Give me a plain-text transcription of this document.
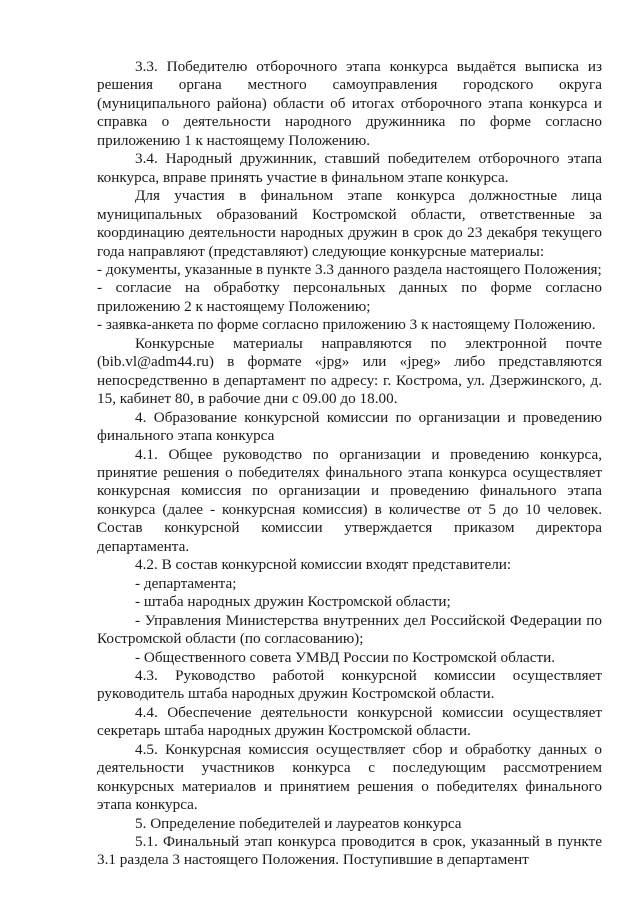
3.3. Победителю отборочного этапа конкурса выдаётся выписка из решения органа местного самоуправления городского округа (муниципального района) области об итогах отборочного этапа конкурса и справка о деятельности народного дружинника по форме согласно приложению 1 к настоящему Положению.

3.4. Народный дружинник, ставший победителем отборочного этапа конкурса, вправе принять участие в финальном этапе конкурса.

Для участия в финальном этапе конкурса должностные лица муниципальных образований Костромской области, ответственные за координацию деятельности народных дружин в срок до 23 декабря текущего года направляют (представляют) следующие конкурсные материалы:

- документы, указанные в пункте 3.3 данного раздела настоящего Положения;

- согласие на обработку персональных данных по форме согласно приложению 2 к настоящему Положению;

- заявка-анкета по форме согласно приложению 3 к настоящему Положению.

Конкурсные материалы направляются по электронной почте (bib.vl@adm44.ru) в формате «jpg» или «jpeg» либо представляются непосредственно в департамент по адресу: г. Кострома, ул. Дзержинского, д. 15, кабинет 80, в рабочие дни с 09.00 до 18.00.

4. Образование конкурсной комиссии по организации и проведению финального этапа конкурса

4.1. Общее руководство по организации и проведению конкурса, принятие решения о победителях финального этапа конкурса осуществляет конкурсная комиссия по организации и проведению финального этапа конкурса (далее - конкурсная комиссия) в количестве от 5 до 10 человек. Состав конкурсной комиссии утверждается приказом директора департамента.

4.2. В состав конкурсной комиссии входят представители:

- департамента;

- штаба народных дружин Костромской области;

- Управления Министерства внутренних дел Российской Федерации по Костромской области (по согласованию);

- Общественного совета УМВД России по Костромской области.

4.3. Руководство работой конкурсной комиссии осуществляет руководитель штаба народных дружин Костромской области.

4.4. Обеспечение деятельности конкурсной комиссии осуществляет секретарь штаба народных дружин Костромской области.

4.5. Конкурсная комиссия осуществляет сбор и обработку данных о деятельности участников конкурса с последующим рассмотрением конкурсных материалов и принятием решения о победителях финального этапа конкурса.

5. Определение победителей и лауреатов конкурса

5.1. Финальный этап конкурса проводится в срок, указанный в пункте 3.1 раздела 3 настоящего Положения. Поступившие в департамент
